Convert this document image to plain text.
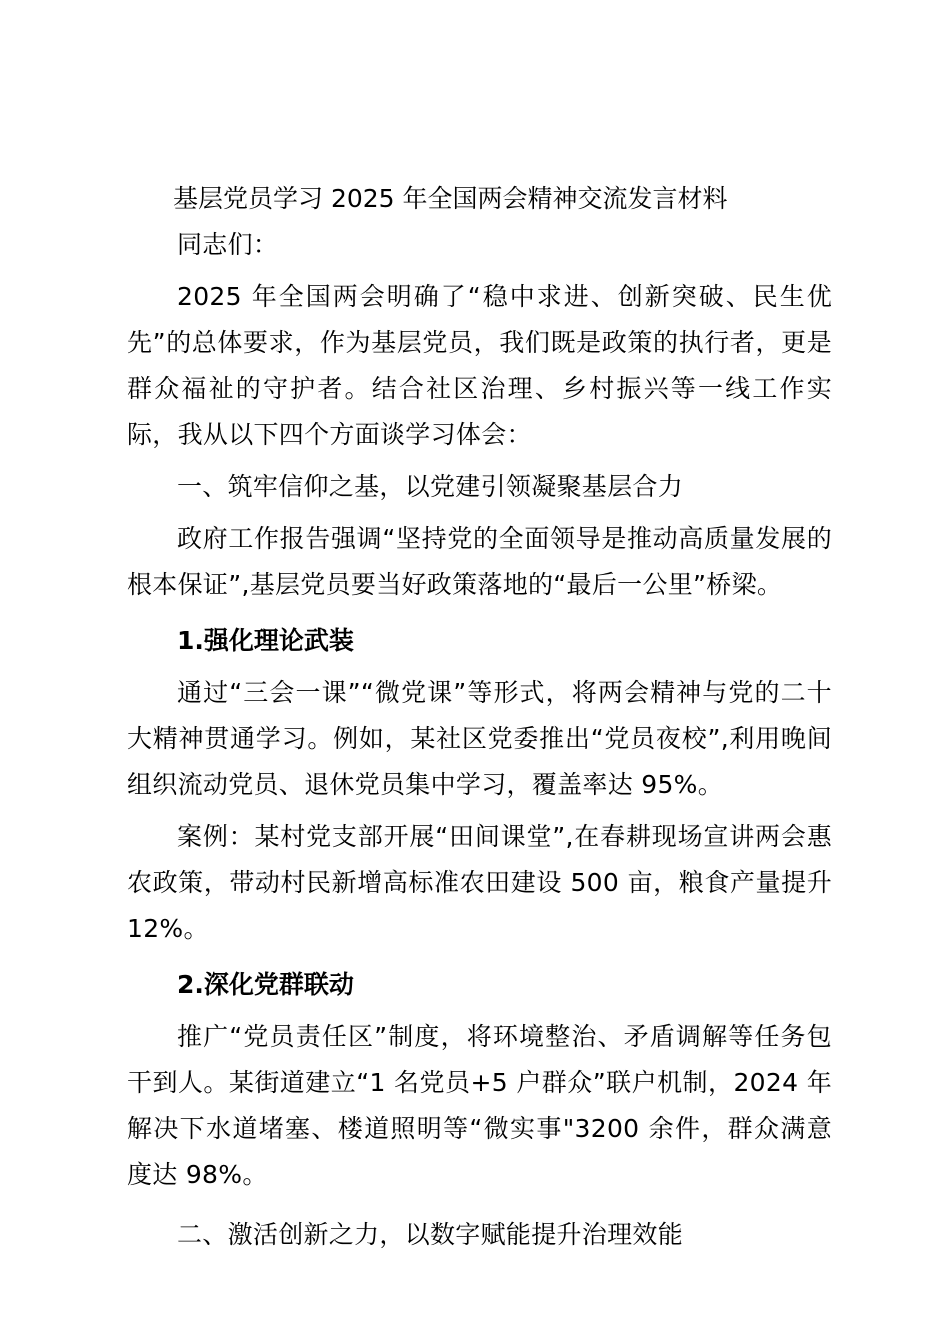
基层党员学习 2025 年全国两会精神交流发言材料

同志们：

2025 年全国两会明确了“稳中求进、创新突破、民生优先”的总体要求，作为基层党员，我们既是政策的执行者，更是群众福祉的守护者。结合社区治理、乡村振兴等一线工作实际，我从以下四个方面谈学习体会：

一、筑牢信仰之基，以党建引领凝聚基层合力

政府工作报告强调“坚持党的全面领导是推动高质量发展的根本保证”,基层党员要当好政策落地的“最后一公里”桥梁。

1.强化理论武装

通过“三会一课”“微党课”等形式，将两会精神与党的二十大精神贯通学习。例如，某社区党委推出“党员夜校”,利用晚间组织流动党员、退休党员集中学习，覆盖率达 95%。

案例：某村党支部开展“田间课堂”,在春耕现场宣讲两会惠农政策，带动村民新增高标准农田建设 500 亩，粮食产量提升 12%。

2.深化党群联动

推广“党员责任区”制度，将环境整治、矛盾调解等任务包干到人。某街道建立“1 名党员+5 户群众”联户机制，2024 年解决下水道堵塞、楼道照明等“微实事"3200 余件，群众满意度达 98%。

二、激活创新之力，以数字赋能提升治理效能
